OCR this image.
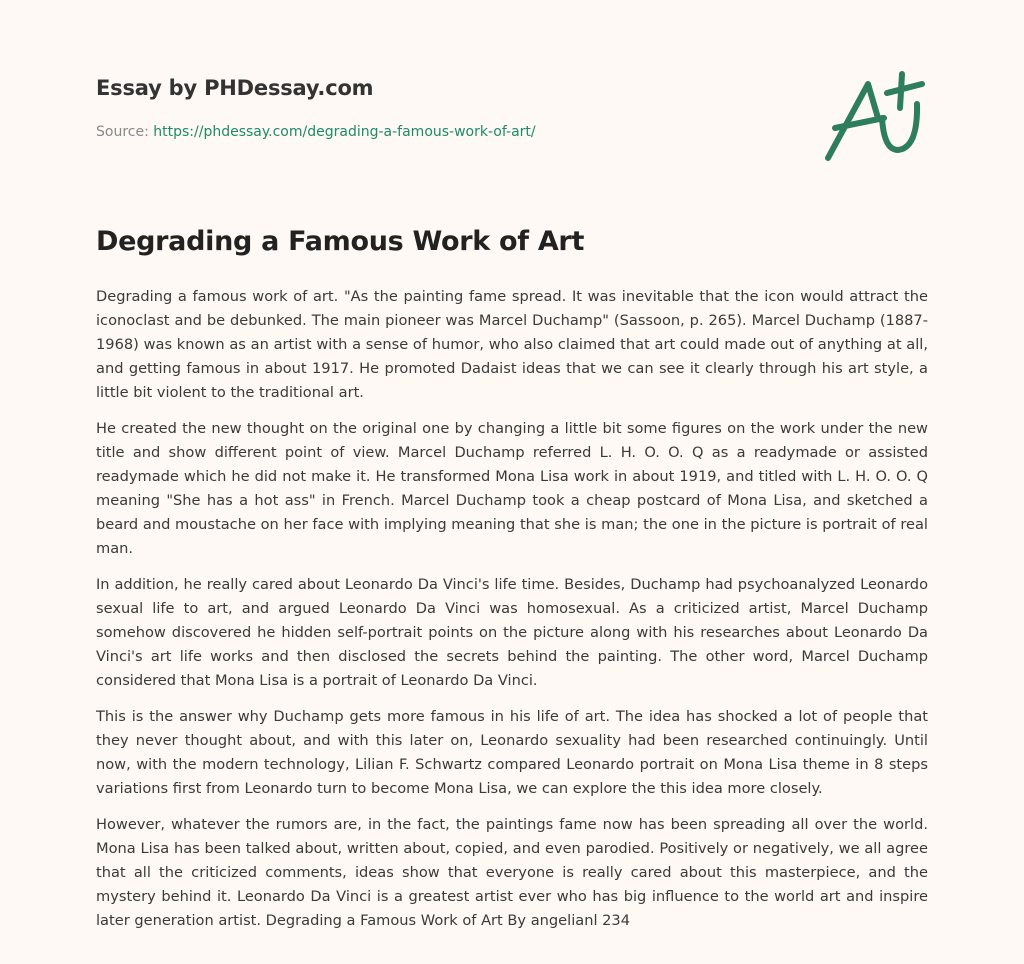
Essay by PHDessay.com
Source: https://phdessay.com/degrading-a-famous-work-of-art/
Degrading a Famous Work of Art

Degrading a famous work of art. "As the painting fame spread. It was inevitable that the icon would attract the iconoclast and be debunked. The main pioneer was Marcel Duchamp" (Sassoon, p. 265). Marcel Duchamp (1887-1968) was known as an artist with a sense of humor, who also claimed that art could made out of anything at all, and getting famous in about 1917. He promoted Dadaist ideas that we can see it clearly through his art style, a little bit violent to the traditional art.

He created the new thought on the original one by changing a little bit some figures on the work under the new title and show different point of view. Marcel Duchamp referred L. H. O. O. Q as a readymade or assisted readymade which he did not make it. He transformed Mona Lisa work in about 1919, and titled with L. H. O. O. Q meaning "She has a hot ass" in French. Marcel Duchamp took a cheap postcard of Mona Lisa, and sketched a beard and moustache on her face with implying meaning that she is man; the one in the picture is portrait of real man.

In addition, he really cared about Leonardo Da Vinci's life time. Besides, Duchamp had psychoanalyzed Leonardo sexual life to art, and argued Leonardo Da Vinci was homosexual. As a criticized artist, Marcel Duchamp somehow discovered he hidden self-portrait points on the picture along with his researches about Leonardo Da Vinci's art life works and then disclosed the secrets behind the painting. The other word, Marcel Duchamp considered that Mona Lisa is a portrait of Leonardo Da Vinci.

This is the answer why Duchamp gets more famous in his life of art. The idea has shocked a lot of people that they never thought about, and with this later on, Leonardo sexuality had been researched continuingly. Until now, with the modern technology, Lilian F. Schwartz compared Leonardo portrait on Mona Lisa theme in 8 steps variations first from Leonardo turn to become Mona Lisa, we can explore the this idea more closely.

However, whatever the rumors are, in the fact, the paintings fame now has been spreading all over the world. Mona Lisa has been talked about, written about, copied, and even parodied. Positively or negatively, we all agree that all the criticized comments, ideas show that everyone is really cared about this masterpiece, and the mystery behind it. Leonardo Da Vinci is a greatest artist ever who has big influence to the world art and inspire later generation artist. Degrading a Famous Work of Art By angelianl 234
